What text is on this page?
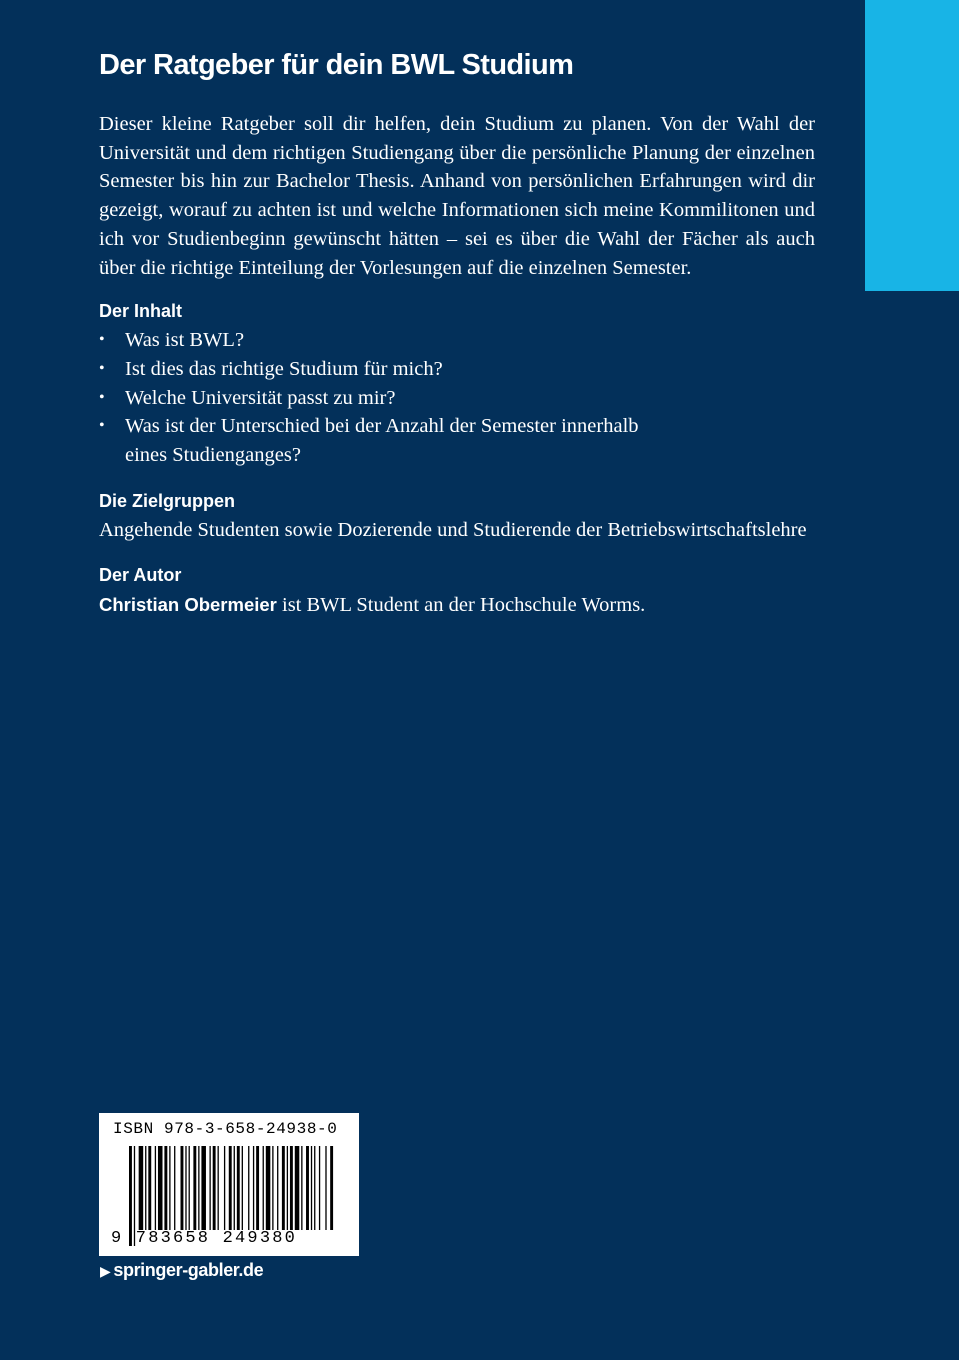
Der Ratgeber für dein BWL Studium

Dieser kleine Ratgeber soll dir helfen, dein Studium zu planen. Von der Wahl der Universität und dem richtigen Studiengang über die persönliche Planung der einzelnen Semester bis hin zur Bachelor Thesis. Anhand von persönlichen Erfahrungen wird dir gezeigt, worauf zu achten ist und welche Informationen sich meine Kommilitonen und ich vor Studienbeginn gewünscht hätten – sei es über die Wahl der Fächer als auch über die richtige Einteilung der Vorlesungen auf die einzelnen Semester.

Der Inhalt
• Was ist BWL?
• Ist dies das richtige Studium für mich?
• Welche Universität passt zu mir?
• Was ist der Unterschied bei der Anzahl der Semester innerhalb eines Studienganges?
Die Zielgruppen

Angehende Studenten sowie Dozierende und Studierende der Betriebswirtschaftslehre

Der Autor

Christian Obermeier ist BWL Student an der Hochschule Worms.

ISBN 978-3-658-24938-0
9 783658 249380
▶ springer-gabler.de
